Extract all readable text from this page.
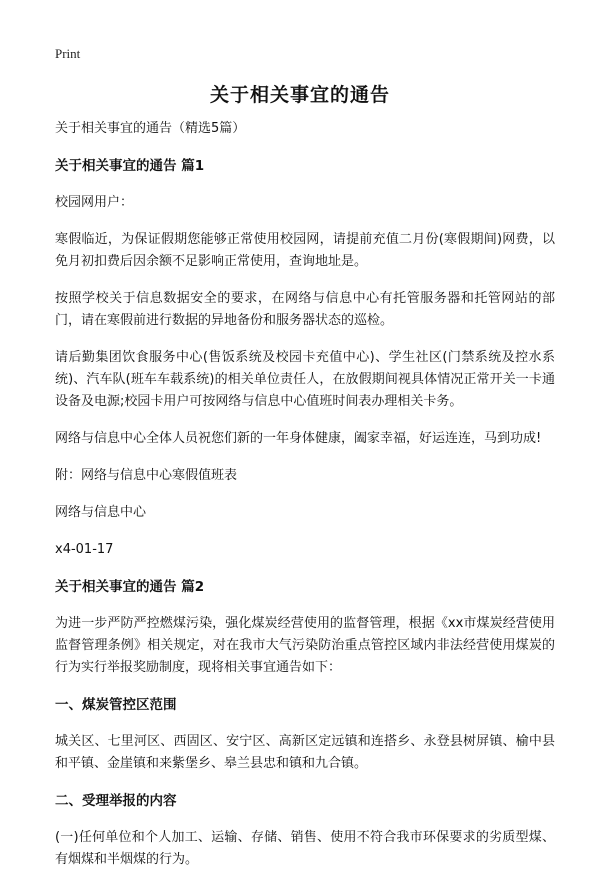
Print
关于相关事宜的通告

关于相关事宜的通告（精选5篇）

关于相关事宜的通告 篇1

校园网用户：

寒假临近，为保证假期您能够正常使用校园网，请提前充值二月份(寒假期间)网费，以免月初扣费后因余额不足影响正常使用，查询地址是。

按照学校关于信息数据安全的要求，在网络与信息中心有托管服务器和托管网站的部门，请在寒假前进行数据的异地备份和服务器状态的巡检。

请后勤集团饮食服务中心(售饭系统及校园卡充值中心)、学生社区(门禁系统及控水系统)、汽车队(班车车载系统)的相关单位责任人，在放假期间视具体情况正常开关一卡通设备及电源;校园卡用户可按网络与信息中心值班时间表办理相关卡务。

网络与信息中心全体人员祝您们新的一年身体健康，阖家幸福，好运连连，马到功成!

附：网络与信息中心寒假值班表

网络与信息中心

x4-01-17

关于相关事宜的通告 篇2

为进一步严防严控燃煤污染，强化煤炭经营使用的监督管理，根据《xx市煤炭经营使用监督管理条例》相关规定，对在我市大气污染防治重点管控区域内非法经营使用煤炭的 行为实行举报奖励制度，现将相关事宜通告如下：

一、煤炭管控区范围

城关区、七里河区、西固区、安宁区、高新区定远镇和连搭乡、永登县树屏镇、榆中县和平镇、金崖镇和来紫堡乡、皋兰县忠和镇和九合镇。

二、受理举报的内容

(一)任何单位和个人加工、运输、存储、销售、使用不符合我市环保要求的劣质型煤、有烟煤和半烟煤的行为。
